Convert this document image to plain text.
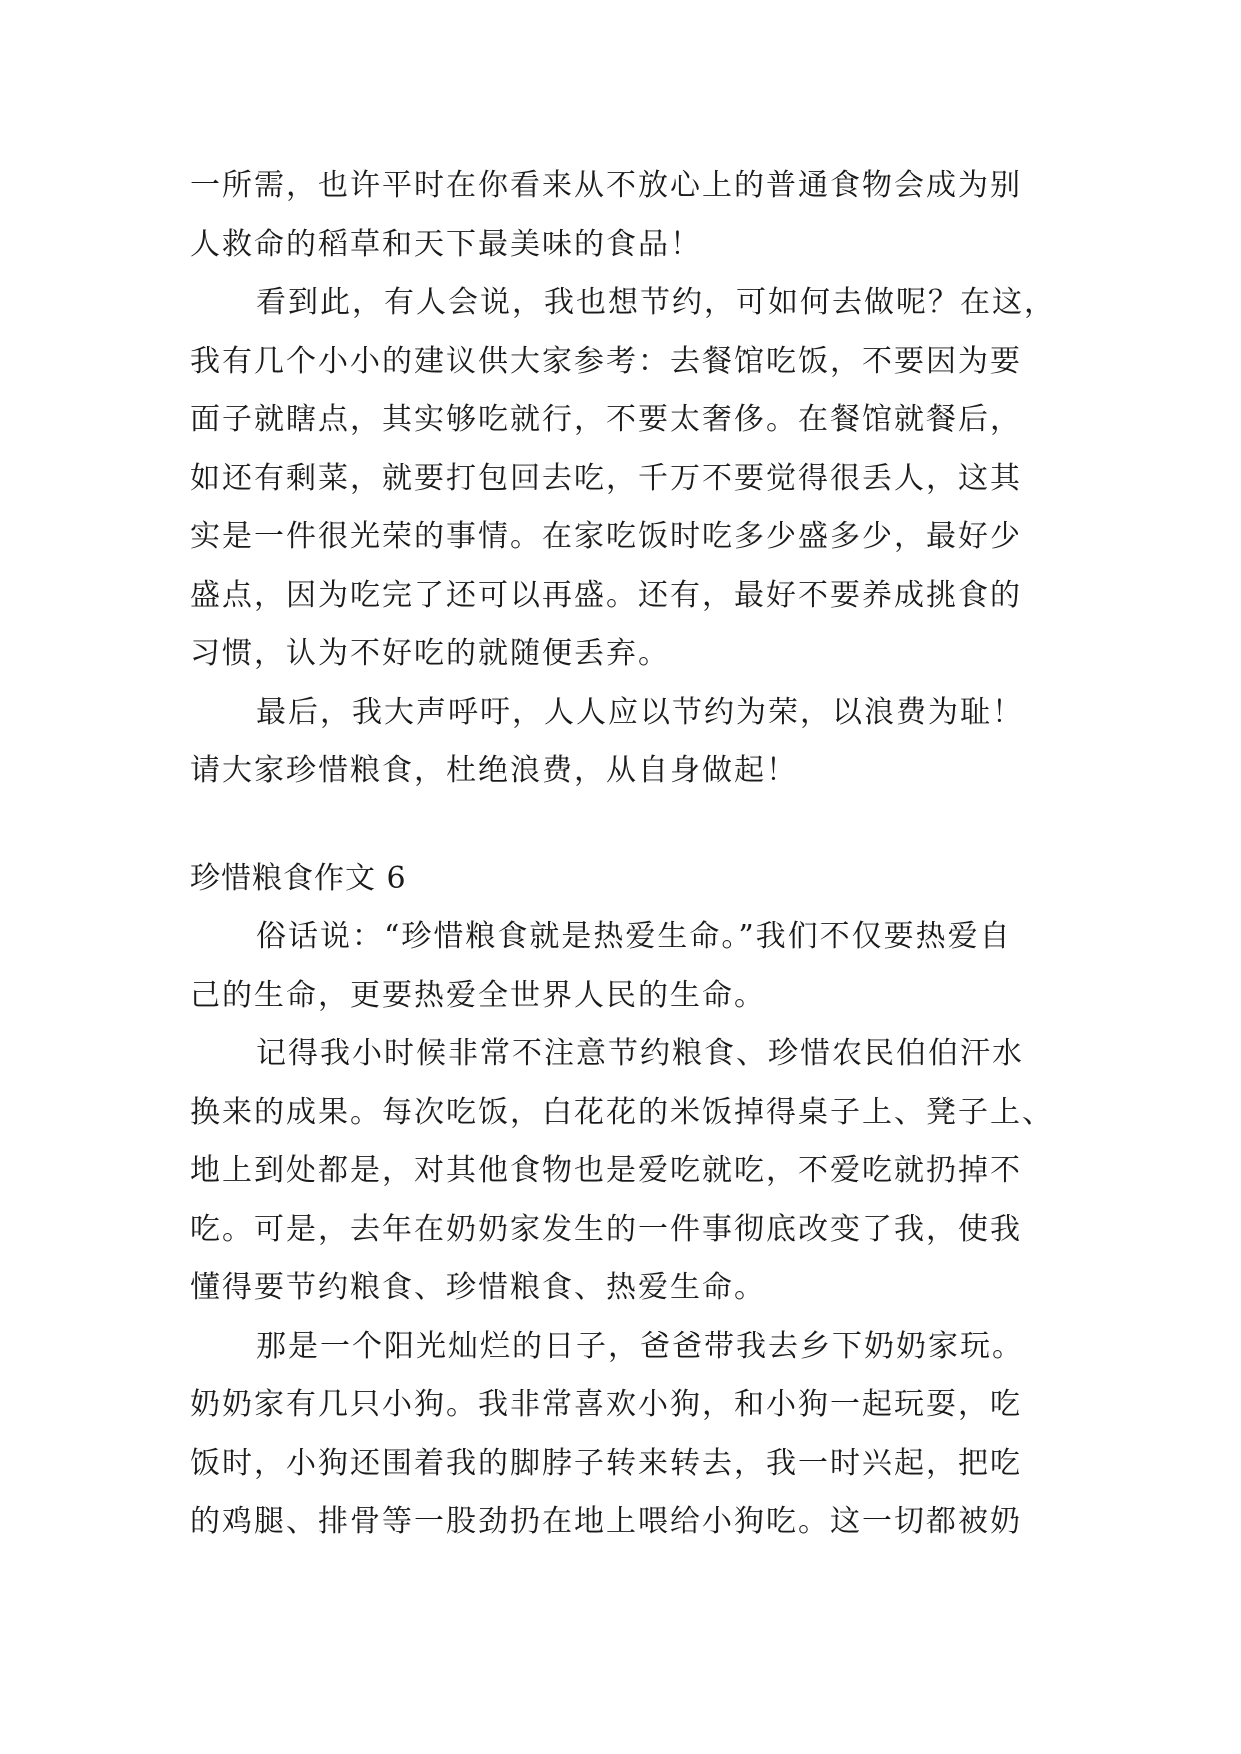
一所需，也许平时在你看来从不放心上的普通食物会成为别
人救命的稻草和天下最美味的食品！
看到此，有人会说，我也想节约，可如何去做呢？在这，
我有几个小小的建议供大家参考：去餐馆吃饭，不要因为要
面子就瞎点，其实够吃就行，不要太奢侈。在餐馆就餐后，
如还有剩菜，就要打包回去吃，千万不要觉得很丢人，这其
实是一件很光荣的事情。在家吃饭时吃多少盛多少，最好少
盛点，因为吃完了还可以再盛。还有，最好不要养成挑食的
习惯，认为不好吃的就随便丢弃。
最后，我大声呼吁，人人应以节约为荣，以浪费为耻！
请大家珍惜粮食，杜绝浪费，从自身做起！
珍惜粮食作文 6
俗话说：“珍惜粮食就是热爱生命。”我们不仅要热爱自
己的生命，更要热爱全世界人民的生命。
记得我小时候非常不注意节约粮食、珍惜农民伯伯汗水
换来的成果。每次吃饭，白花花的米饭掉得桌子上、凳子上、
地上到处都是，对其他食物也是爱吃就吃，不爱吃就扔掉不
吃。可是，去年在奶奶家发生的一件事彻底改变了我，使我
懂得要节约粮食、珍惜粮食、热爱生命。
那是一个阳光灿烂的日子，爸爸带我去乡下奶奶家玩。
奶奶家有几只小狗。我非常喜欢小狗，和小狗一起玩耍，吃
饭时，小狗还围着我的脚脖子转来转去，我一时兴起，把吃
的鸡腿、排骨等一股劲扔在地上喂给小狗吃。这一切都被奶
